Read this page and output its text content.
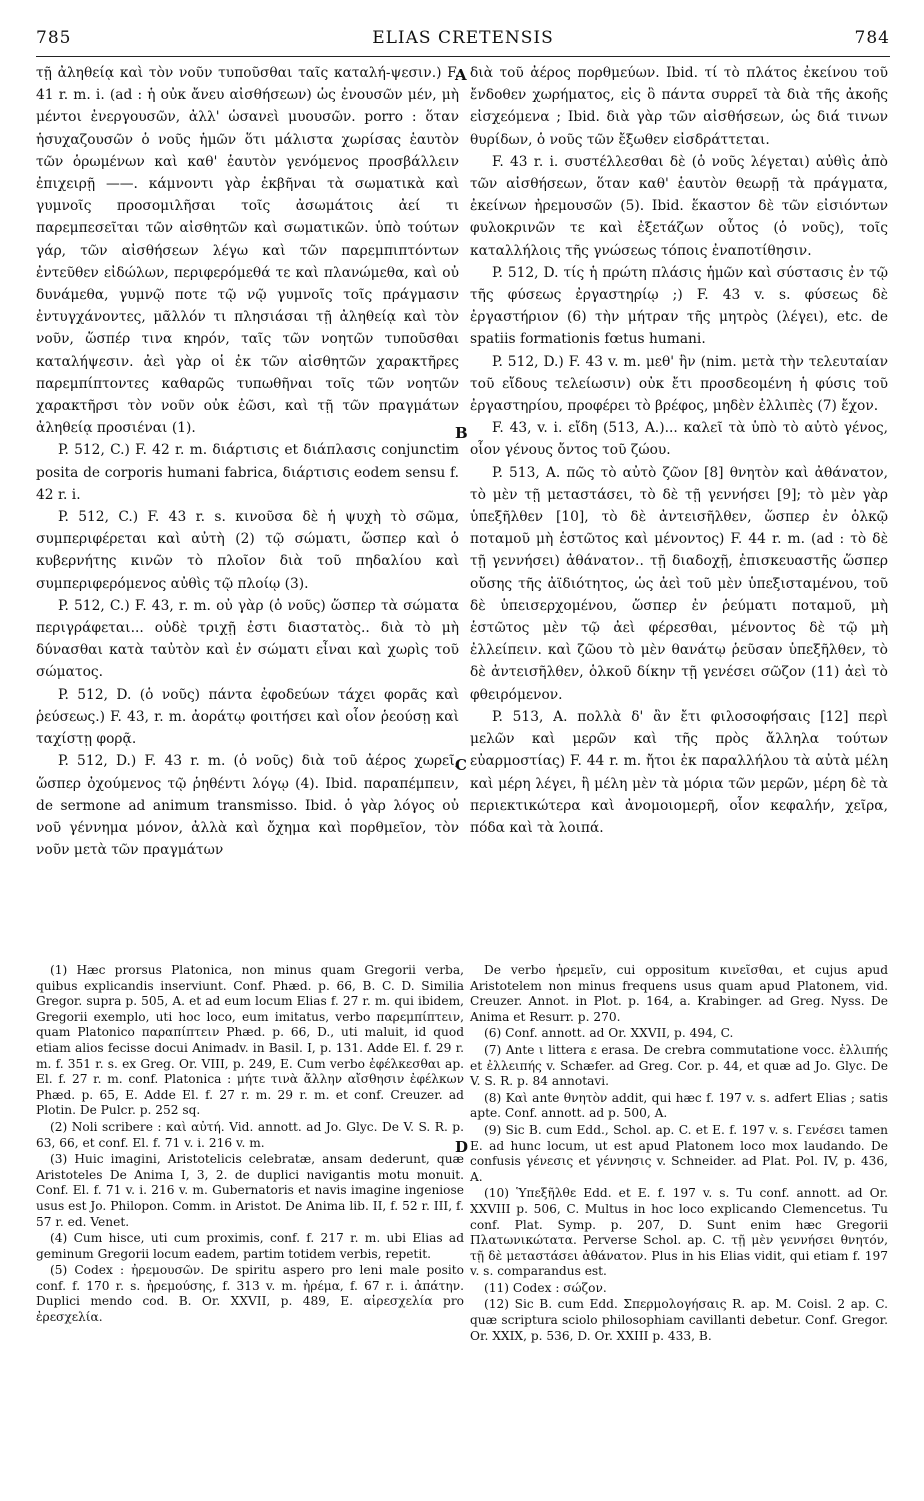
785	ELIAS CRETENSIS	784
A
B
C
D

τῇ ἀληθείᾳ καὶ τὸν νοῦν τυποῦσθαι ταῖς καταλή-ψεσιν.) F. 41 r. m. i. (ad : ἡ οὐκ ἄνευ αἰσθήσεων) ὡς ἐνουσῶν μέν, μὴ μέντοι ἐνεργουσῶν, ἀλλ' ὡσανεὶ μυουσῶν. porro : ὅταν ἡσυχαζουσῶν ὁ νοῦς ἡμῶν ὅτι μάλιστα χωρίσας ἑαυτὸν τῶν ὁρωμένων καὶ καθ' ἑαυτὸν γενόμενος προσβάλλειν ἐπιχειρῇ ——. κάμνοντι γὰρ ἐκβῆναι τὰ σωματικὰ καὶ γυμνοῖς προσομιλῆσαι τοῖς ἀσωμάτοις ἀεί τι παρεμπεσεῖται τῶν αἰσθητῶν καὶ σωματικῶν. ὑπὸ τούτων γάρ, τῶν αἰσθήσεων λέγω καὶ τῶν παρεμπιπτόντων ἐντεῦθεν εἰδώλων, περιφερόμεθά τε καὶ πλανώμεθα, καὶ οὐ δυνάμεθα, γυμνῷ ποτε τῷ νῷ γυμνοῖς τοῖς πράγμασιν ἐντυγχάνοντες, μᾶλλόν τι πλησιάσαι τῇ ἀληθείᾳ καὶ τὸν νοῦν, ὥσπέρ τινα κηρόν, ταῖς τῶν νοητῶν τυποῦσθαι καταλήψεσιν. ἀεὶ γὰρ οἱ ἐκ τῶν αἰσθητῶν χαρακτῆρες παρεμπίπτοντες καθαρῶς τυπωθῆναι τοῖς τῶν νοητῶν χαρακτῆρσι τὸν νοῦν οὐκ ἐῶσι, καὶ τῇ τῶν πραγμάτων ἀληθείᾳ προσιέναι (1).

P. 512, C.) F. 42 r. m. διάρτισις et διάπλασις conjunctim posita de corporis humani fabrica, διάρτισις eodem sensu f. 42 r. i.

P. 512, C.) F. 43 r. s. κινοῦσα δὲ ἡ ψυχὴ τὸ σῶμα, συμπεριφέρεται καὶ αὐτὴ (2) τῷ σώματι, ὥσπερ καὶ ὁ κυβερνήτης κινῶν τὸ πλοῖον διὰ τοῦ πηδαλίου καὶ συμπεριφερόμενος αὐθὶς τῷ πλοίῳ (3).

P. 512, C.) F. 43, r. m. οὐ γὰρ (ὁ νοῦς) ὥσπερ τὰ σώματα περιγράφεται... οὐδὲ τριχῇ ἐστι διαστατὸς.. διὰ τὸ μὴ δύνασθαι κατὰ ταὐτὸν καὶ ἐν σώματι εἶναι καὶ χωρὶς τοῦ σώματος.

P. 512, D. (ὁ νοῦς) πάντα ἐφοδεύων τάχει φορᾶς καὶ ῥεύσεως.) F. 43, r. m. ἀοράτῳ φοιτήσει καὶ οἷον ῥεούσῃ καὶ ταχίστῃ φορᾷ.

P. 512, D.) F. 43 r. m. (ὁ νοῦς) διὰ τοῦ ἀέρος χωρεῖ, ὥσπερ ὀχούμενος τῷ ῥηθέντι λόγῳ (4). Ibid. παραπέμπειν, de sermone ad animum transmisso. Ibid. ὁ γὰρ λόγος οὐ νοῦ γέννημα μόνον, ἀλλὰ καὶ ὄχημα καὶ πορθμεῖον, τὸν νοῦν μετὰ τῶν πραγμάτων

διὰ τοῦ ἀέρος πορθμεύων. Ibid. τί τὸ πλάτος ἐκείνου τοῦ ἔνδοθεν χωρήματος, εἰς ὃ πάντα συρρεῖ τὰ διὰ τῆς ἀκοῆς εἰσχεόμενα ; Ibid. διὰ γὰρ τῶν αἰσθήσεων, ὡς διά τινων θυρίδων, ὁ νοῦς τῶν ἔξωθεν εἰσδράττεται.

F. 43 r. i. συστέλλεσθαι δὲ (ὁ νοῦς λέγεται) αὐθὶς ἀπὸ τῶν αἰσθήσεων, ὅταν καθ' ἑαυτὸν θεωρῇ τὰ πράγματα, ἐκείνων ἠρεμουσῶν (5). Ibid. ἕκαστον δὲ τῶν εἰσιόντων φυλοκρινῶν τε καὶ ἐξετάζων οὗτος (ὁ νοῦς), τοῖς καταλλήλοις τῆς γνώσεως τόποις ἐναποτίθησιν.

P. 512, D. τίς ἡ πρώτη πλάσις ἡμῶν καὶ σύστασις ἐν τῷ τῆς φύσεως ἐργαστηρίῳ ;) F. 43 v. s. φύσεως δὲ ἐργαστήριον (6) τὴν μήτραν τῆς μητρὸς (λέγει), etc. de spatiis formationis fœtus humani.

P. 512, D.) F. 43 v. m. μεθ' ἣν (nim. μετὰ τὴν τελευταίαν τοῦ εἴδους τελείωσιν) οὐκ ἔτι προσδεομένη ἡ φύσις τοῦ ἐργαστηρίου, προφέρει τὸ βρέφος, μηδὲν ἐλλιπὲς (7) ἔχον.

F. 43, v. i. εἴδη (513, A.)... καλεῖ τὰ ὑπὸ τὸ αὐτὸ γένος, οἷον γένους ὄντος τοῦ ζώου.

P. 513, A. πῶς τὸ αὐτὸ ζῶον [8] θνητὸν καὶ ἀθάνατον, τὸ μὲν τῇ μεταστάσει, τὸ δὲ τῇ γεννήσει [9]; τὸ μὲν γὰρ ὑπεξῆλθεν [10], τὸ δὲ ἀντεισῆλθεν, ὥσπερ ἐν ὁλκῷ ποταμοῦ μὴ ἑστῶτος καὶ μένοντος) F. 44 r. m. (ad : τὸ δὲ τῇ γεννήσει) ἀθάνατον.. τῇ διαδοχῇ, ἐπισκευαστῆς ὥσπερ οὔσης τῆς ἀϊδιότητος, ὡς ἀεὶ τοῦ μὲν ὑπεξισταμένου, τοῦ δὲ ὑπεισερχομένου, ὥσπερ ἐν ῥεύματι ποταμοῦ, μὴ ἑστῶτος μὲν τῷ ἀεὶ φέρεσθαι, μένοντος δὲ τῷ μὴ ἐλλείπειν. καὶ ζῶου τὸ μὲν θανάτῳ ῥεῦσαν ὑπεξῆλθεν, τὸ δὲ ἀντεισῆλθεν, ὁλκοῦ δίκην τῇ γενέσει σῶζον (11) ἀεὶ τὸ φθειρόμενον.

P. 513, A. πολλὰ δ' ἂν ἔτι φιλοσοφήσαις [12] περὶ μελῶν καὶ μερῶν καὶ τῆς πρὸς ἄλληλα τούτων εὐαρμοστίας) F. 44 r. m. ἤτοι ἐκ παραλλήλου τὰ αὐτὰ μέλη καὶ μέρη λέγει, ἢ μέλη μὲν τὰ μόρια τῶν μερῶν, μέρη δὲ τὰ περιεκτικώτερα καὶ ἀνομοιομερῆ, οἷον κεφαλήν, χεῖρα, πόδα καὶ τὰ λοιπά.

(1) Hæc prorsus Platonica, non minus quam Gregorii verba, quibus explicandis inserviunt. Conf. Phæd. p. 66, B. C. D. Similia Gregor. supra p. 505, A. et ad eum locum Elias f. 27 r. m. qui ibidem, Gregorii exemplo, uti hoc loco, eum imitatus, verbo παρεμπίπτειν, quam Platonico παραπίπτειν Phæd. p. 66, D., uti maluit, id quod etiam alios fecisse docui Animadv. in Basil. I, p. 131. Adde El. f. 29 r. m. f. 351 r. s. ex Greg. Or. VIII, p. 249, E. Cum verbo ἐφέλκεσθαι ap. El. f. 27 r. m. conf. Platonica : μήτε τινὰ ἄλλην αἴσθησιν ἐφέλκων Phæd. p. 65, E. Adde El. f. 27 r. m. 29 r. m. et conf. Creuzer. ad Plotin. De Pulcr. p. 252 sq.

(2) Noli scribere : καὶ αὐτή. Vid. annott. ad Jo. Glyc. De V. S. R. p. 63, 66, et conf. El. f. 71 v. i. 216 v. m.

(3) Huic imagini, Aristotelicis celebratæ, ansam dederunt, quæ Aristoteles De Anima I, 3, 2. de duplici navigantis motu monuit. Conf. El. f. 71 v. i. 216 v. m. Gubernatoris et navis imagine ingeniose usus est Jo. Philopon. Comm. in Aristot. De Anima lib. II, f. 52 r. III, f. 57 r. ed. Venet.

(4) Cum hisce, uti cum proximis, conf. f. 217 r. m. ubi Elias ad geminum Gregorii locum eadem, partim totidem verbis, repetit.

(5) Codex : ἠρεμουσῶν. De spiritu aspero pro leni male posito conf. f. 170 r. s. ἠρεμούσης, f. 313 v. m. ἠρέμα, f. 67 r. i. ἀπάτην. Duplici mendo cod. B. Or. XXVII, p. 489, E. αἱρεσχελία pro ἐρεσχελία.

De verbo ἠρεμεῖν, cui oppositum κινεῖσθαι, et cujus apud Aristotelem non minus frequens usus quam apud Platonem, vid. Creuzer. Annot. in Plot. p. 164, a. Krabinger. ad Greg. Nyss. De Anima et Resurr. p. 270.

(6) Conf. annott. ad Or. XXVII, p. 494, C.

(7) Ante ι littera ε erasa. De crebra commutatione vocc. ἐλλιπής et ἐλλειπής v. Schæfer. ad Greg. Cor. p. 44, et quæ ad Jo. Glyc. De V. S. R. p. 84 annotavi.

(8) Καὶ ante θνητὸν addit, qui hæc f. 197 v. s. adfert Elias ; satis apte. Conf. annott. ad p. 500, A.

(9) Sic B. cum Edd., Schol. ap. C. et E. f. 197 v. s. Γενέσει tamen E. ad hunc locum, ut est apud Platonem loco mox laudando. De confusis γένεσις et γέννησις v. Schneider. ad Plat. Pol. IV, p. 436, A.

(10) Ὑπεξῆλθε Edd. et E. f. 197 v. s. Tu conf. annott. ad Or. XXVIII p. 506, C. Multus in hoc loco explicando Clemencetus. Tu conf. Plat. Symp. p. 207, D. Sunt enim hæc Gregorii Πλατωνικώτατα. Perverse Schol. ap. C. τῇ μὲν γεννήσει θνητόν, τῇ δὲ μεταστάσει ἀθάνατον. Plus in his Elias vidit, qui etiam f. 197 v. s. comparandus est.

(11) Codex : σώζον.

(12) Sic B. cum Edd. Σπερμολογήσαις R. ap. M. Coisl. 2 ap. C. quæ scriptura sciolo philosophiam cavillanti debetur. Conf. Gregor. Or. XXIX, p. 536, D. Or. XXIII p. 433, B.
